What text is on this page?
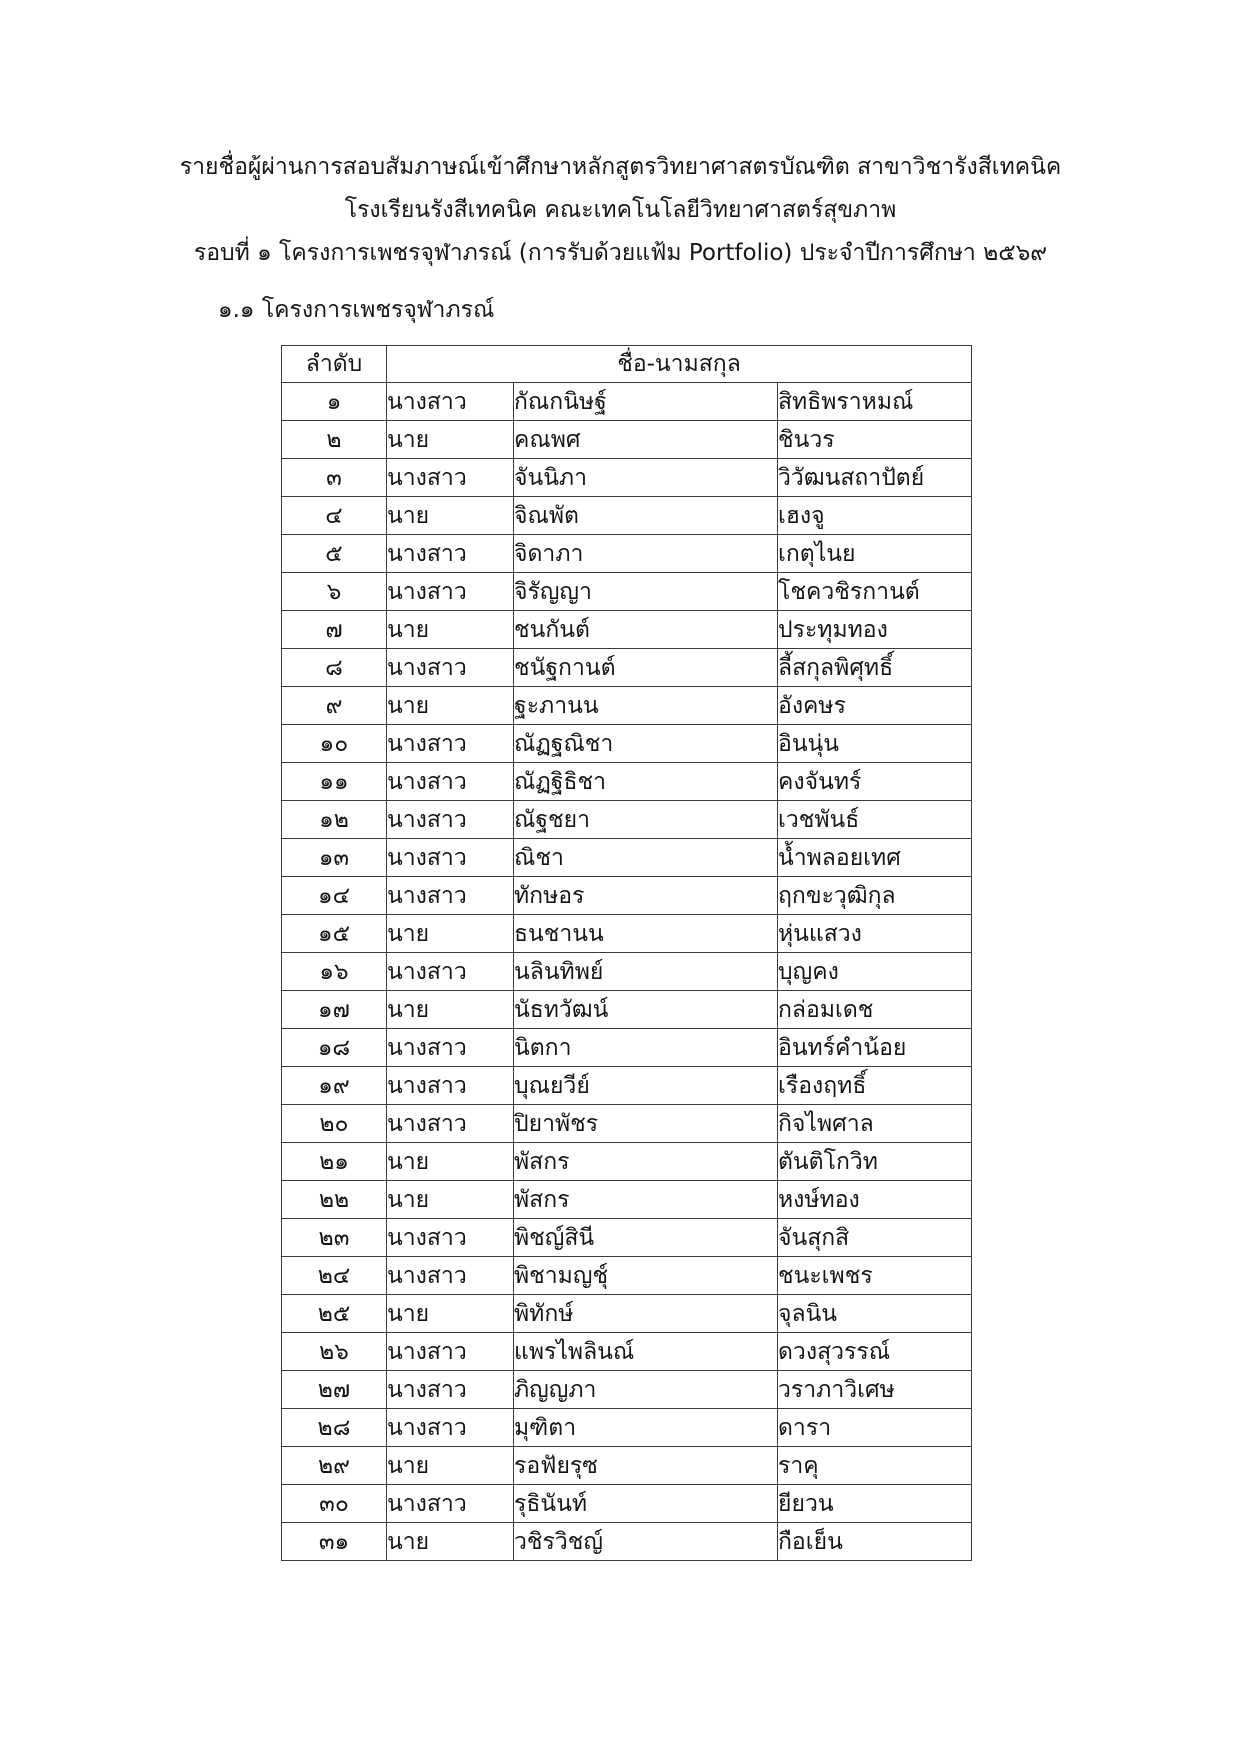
รายชื่อผู้ผ่านการสอบสัมภาษณ์เข้าศึกษาหลักสูตรวิทยาศาสตรบัณฑิต สาขาวิชารังสีเทคนิค
โรงเรียนรังสีเทคนิค คณะเทคโนโลยีวิทยาศาสตร์สุขภาพ
รอบที่ ๑ โครงการเพชรจุฬาภรณ์ (การรับด้วยแฟ้ม Portfolio) ประจำปีการศึกษา ๒๕๖๙
๑.๑ โครงการเพชรจุฬาภรณ์
ลำดับ	ชื่อ-นามสกุล		
๑	นางสาว	กัณกนิษฐ์	สิทธิพราหมณ์
๒	นาย	คณพศ	ชินวร
๓	นางสาว	จันนิภา	วิวัฒนสถาปัตย์
๔	นาย	จิณพัต	เฮงจู
๕	นางสาว	จิดาภา	เกตุไนย
๖	นางสาว	จิรัญญา	โชควชิรกานต์
๗	นาย	ชนกันต์	ประทุมทอง
๘	นางสาว	ชนัฐกานต์	ลี้สกุลพิศุทธิ์
๙	นาย	ฐะภานน	อังคษร
๑๐	นางสาว	ณัฏฐณิชา	อินนุ่น
๑๑	นางสาว	ณัฏฐิธิชา	คงจันทร์
๑๒	นางสาว	ณัฐชยา	เวชพันธ์
๑๓	นางสาว	ณิชา	น้ำพลอยเทศ
๑๔	นางสาว	ทักษอร	ฤกขะวุฒิกุล
๑๕	นาย	ธนชานน	หุ่นแสวง
๑๖	นางสาว	นลินทิพย์	บุญคง
๑๗	นาย	นัธทวัฒน์	กล่อมเดช
๑๘	นางสาว	นิตกา	อินทร์คำน้อย
๑๙	นางสาว	บุณยวีย์	เรืองฤทธิ์
๒๐	นางสาว	ปิยาพัชร	กิจไพศาล
๒๑	นาย	พัสกร	ตันติโกวิท
๒๒	นาย	พัสกร	หงษ์ทอง
๒๓	นางสาว	พิชญ์สินี	จันสุกสิ
๒๔	นางสาว	พิชามญชุ์	ชนะเพชร
๒๕	นาย	พิทักษ์	จุลนิน
๒๖	นางสาว	แพรไพลินณ์	ดวงสุวรรณ์
๒๗	นางสาว	ภิญญภา	วราภาวิเศษ
๒๘	นางสาว	มุฑิตา	ดารา
๒๙	นาย	รอฟัยรุซ	ราคุ
๓๐	นางสาว	รุธินันท์	ยียวน
๓๑	นาย	วชิรวิชญ์	กือเย็น
